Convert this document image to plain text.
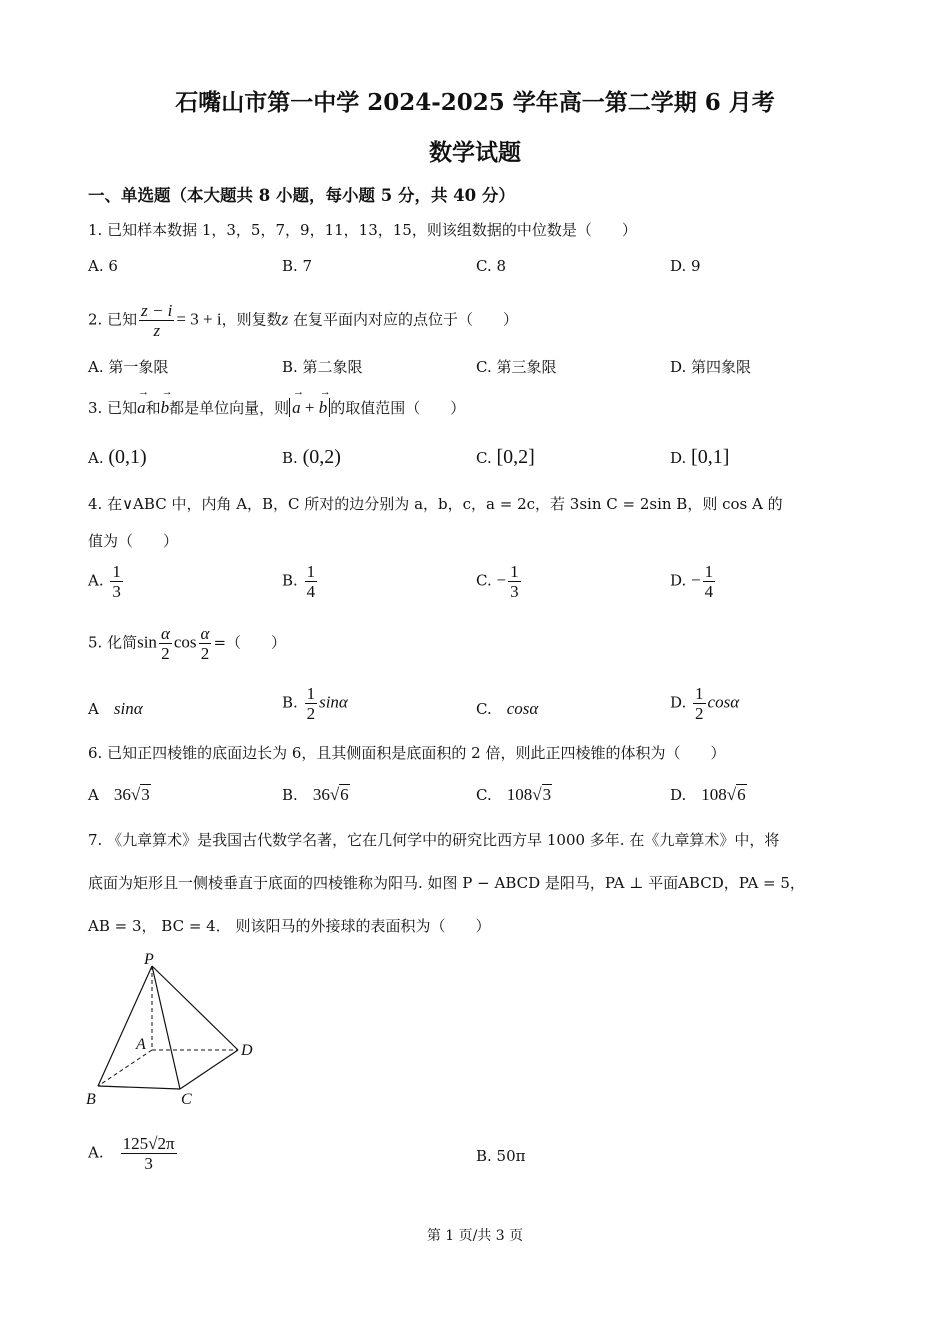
石嘴山市第一中学 2024-2025 学年高一第二学期 6 月考
数学试题
一、单选题（本大题共 8 小题，每小题 5 分，共 40 分）
1. 已知样本数据 1，3，5，7，9，11，13，15，则该组数据的中位数是（　　）
A. 6	B. 7	C. 8	D. 9
2. 已知 $\frac{z - i}{z} = 3 + i$，则复数z 在复平面内对应的点位于（　　）
A. 第一象限	B. 第二象限	C. 第三象限	D. 第四象限
3. 已知→ a和→ b都是单位向量，则→ a + → b 的取值范围（　　）
A. (0,1)	B. (0,2)	C. [0,2]	D. [0,1]
4. 在∨ABC 中，内角 A，B，C 所对的边分别为 a，b，c，a = 2c，若 3sin C = 2sin B，则 cos A 的
值为（　　）
A. $\frac{1}{3}$	B. $\frac{1}{4}$	C. − $\frac{1}{3}$	D. − $\frac{1}{4}$
5. 化简$\sin \frac{\alpha}{2}$ $\cos \frac{\alpha}{2}$ =（　　）
A　 sinα	B. $\frac{1}{2}$ sinα	C.　 cosα	D. $\frac{1}{2}$ cosα
6. 已知正四棱锥的底面边长为 6，且其侧面积是底面积的 2 倍，则此正四棱锥的体积为（　　）
A　 36√3	B.　 36√6	C.　 108√3	D.　 108√6
7. 《九章算术》是我国古代数学名著，它在几何学中的研究比西方早 1000 多年. 在《九章算术》中，将
底面为矩形且一侧棱垂直于底面的四棱锥称为阳马. 如图 P − ABCD 是阳马，PA ⊥ 平面ABCD，PA = 5，
AB = 3， BC = 4． 则该阳马的外接球的表面积为（　　）
P
A	D
B	C
A.　 $\frac{125√2\pi}{3}$	B. 50π
第 1 页/共 3 页
